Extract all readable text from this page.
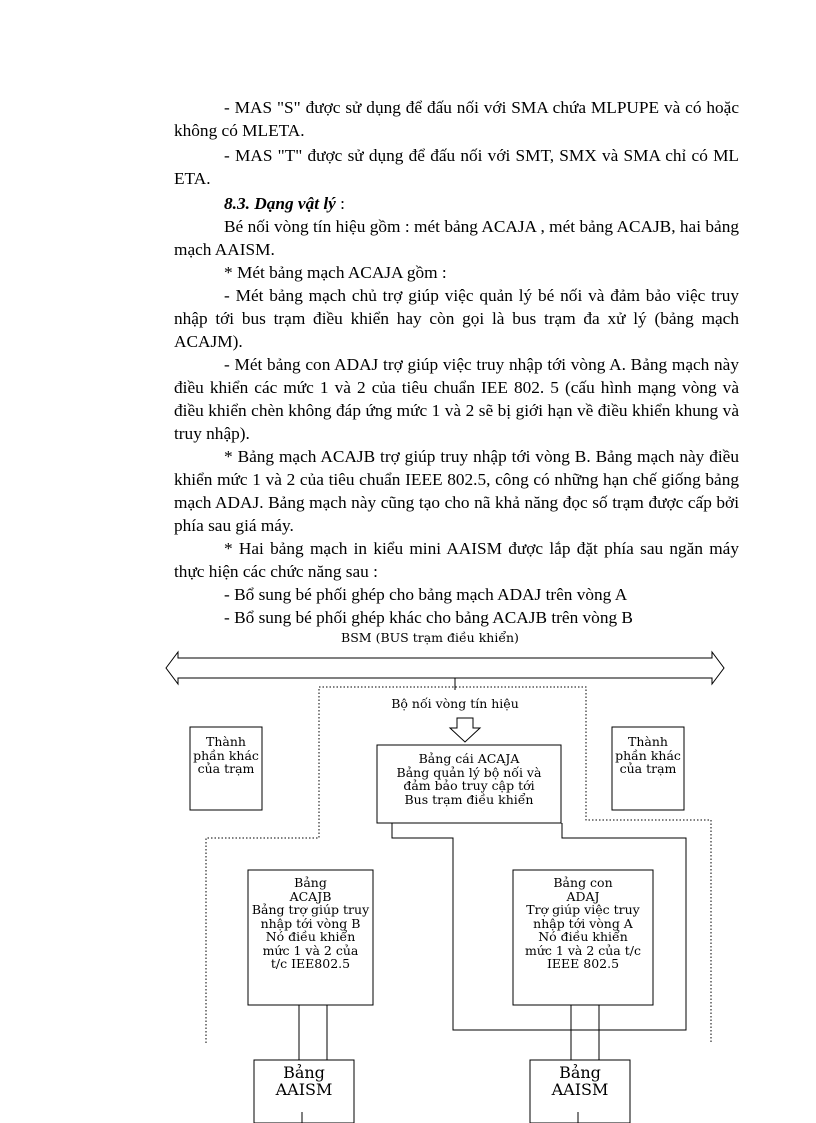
- MAS "S" được sử dụng để đấu nối với SMA chứa MLPUPE và có hoặc không có MLETA.

- MAS "T" được sử dụng để đấu nối với SMT, SMX và SMA chỉ có ML ETA.

8.3. Dạng vật lý :

Bé nối vòng tín hiệu gồm : mét bảng ACAJA , mét bảng ACAJB, hai bảng mạch AAISM.

* Mét bảng mạch ACAJA gồm :

- Mét bảng mạch chủ trợ giúp việc quản lý bé nối và đảm bảo việc truy nhập tới bus trạm điều khiển hay còn gọi là bus trạm đa xử lý (bảng mạch ACAJM).

- Mét bảng con ADAJ trợ giúp việc truy nhập tới vòng A. Bảng mạch này điều khiển các mức 1 và 2 của tiêu chuẩn IEE 802. 5 (cấu hình mạng vòng và điều khiển chèn không đáp ứng mức 1 và 2 sẽ bị giới hạn về điều khiển khung và truy nhập).

* Bảng mạch ACAJB trợ giúp truy nhập tới vòng B. Bảng mạch này điều khiển mức 1 và 2 của tiêu chuẩn IEEE 802.5, công có những hạn chế giống bảng mạch ADAJ. Bảng mạch này cũng tạo cho nã khả năng đọc số trạm được cấp bởi phía sau giá máy.

* Hai bảng mạch in kiểu mini AAISM được lắp đặt phía sau ngăn máy thực hiện các chức năng sau :

- Bổ sung bé phối ghép cho bảng mạch ADAJ trên vòng A

- Bổ sung bé phối ghép khác cho bảng ACAJB trên vòng B

BSM (BUS trạm điều khiển)
Bộ nối vòng tín hiệu
Thành
phần khác
của trạm
Thành
phần khác
của trạm
Bảng cái ACAJA
Bảng quản lý bộ nối và
đảm bảo truy cập tới
Bus trạm điều khiển
Bảng
ACAJB
Bảng trợ giúp truy
nhập tới vòng B
Nó điều khiển
mức 1 và 2 của
t/c IEE802.5
Bảng con
ADAJ
Trợ giúp việc truy
nhập tới vòng A
Nó điều khiển
mức 1 và 2 của t/c
IEEE 802.5
Bảng
AAISM
Bảng
AAISM
